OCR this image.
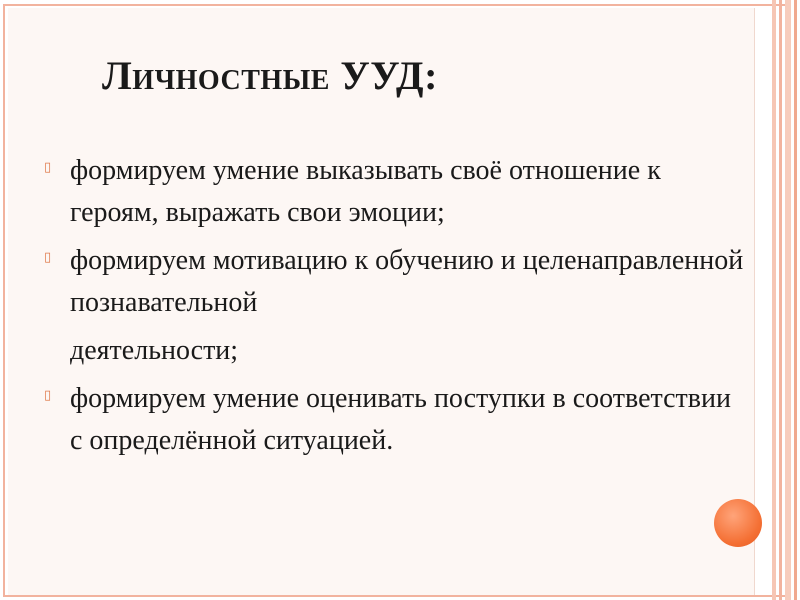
Личностные УУД:
▯ формируем умение выказывать своё отношение к героям, выражать свои эмоции;
▯ формируем мотивацию к обучению и целенаправленной познавательной
деятельности;
▯ формируем умение оценивать поступки в соответствии с определённой ситуацией.
